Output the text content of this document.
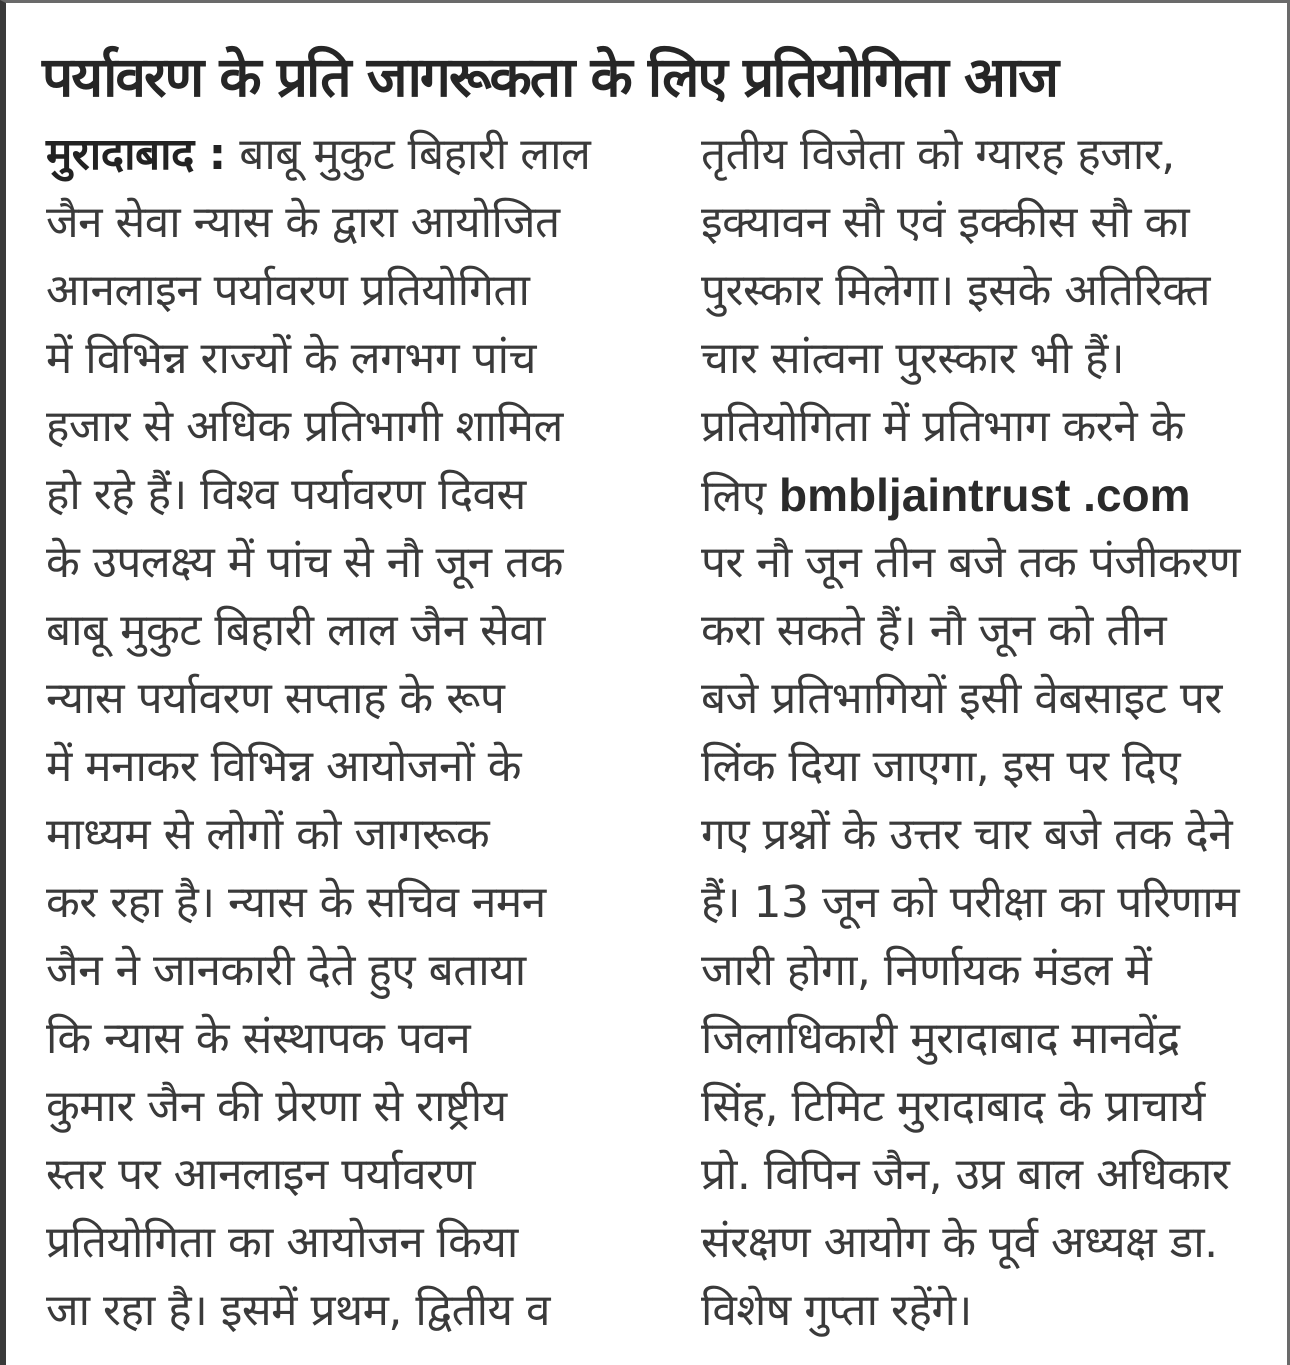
पर्यावरण के प्रति जागरूकता के लिए प्रतियोगिता आज
मुरादाबाद : बाबू मुकुट बिहारी लाल
जैन सेवा न्यास के द्वारा आयोजित
आनलाइन पर्यावरण प्रतियोगिता
में विभिन्न राज्यों के लगभग पांच
हजार से अधिक प्रतिभागी शामिल
हो रहे हैं। विश्व पर्यावरण दिवस
के उपलक्ष्य में पांच से नौ जून तक
बाबू मुकुट बिहारी लाल जैन सेवा
न्यास पर्यावरण सप्ताह के रूप
में मनाकर विभिन्न आयोजनों के
माध्यम से लोगों को जागरूक
कर रहा है। न्यास के सचिव नमन
जैन ने जानकारी देते हुए बताया
कि न्यास के संस्थापक पवन
कुमार जैन की प्रेरणा से राष्ट्रीय
स्तर पर आनलाइन पर्यावरण
प्रतियोगिता का आयोजन किया
जा रहा है। इसमें प्रथम, द्वितीय व
तृतीय विजेता को ग्यारह हजार,
इक्यावन सौ एवं इक्कीस सौ का
पुरस्कार मिलेगा। इसके अतिरिक्त
चार सांत्वना पुरस्कार भी हैं।
प्रतियोगिता में प्रतिभाग करने के
लिए bmbljaintrust .com
पर नौ जून तीन बजे तक पंजीकरण
करा सकते हैं। नौ जून को तीन
बजे प्रतिभागियों इसी वेबसाइट पर
लिंक दिया जाएगा, इस पर दिए
गए प्रश्नों के उत्तर चार बजे तक देने
हैं। 13 जून को परीक्षा का परिणाम
जारी होगा, निर्णायक मंडल में
जिलाधिकारी मुरादाबाद मानवेंद्र
सिंह, टिमिट मुरादाबाद के प्राचार्य
प्रो. विपिन जैन, उप्र बाल अधिकार
संरक्षण आयोग के पूर्व अध्यक्ष डा.
विशेष गुप्ता रहेंगे।
